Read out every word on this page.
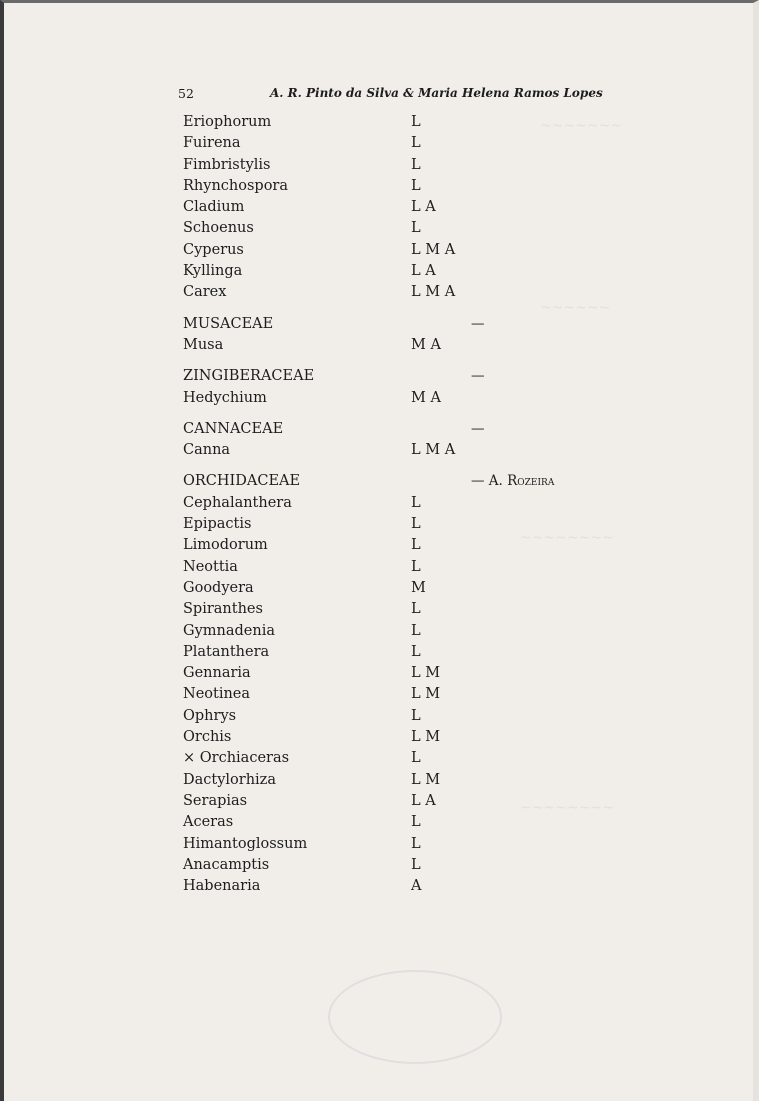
~~~~~~~
~~~~~~
~~~~~~~~
~~~~~~~~
52	A. R. Pinto da Silva & Maria Helena Ramos Lopes
Eriophorum	L
Fuirena	L
Fimbristylis	L
Rhynchospora	L
Cladium	L A
Schoenus	L
Cyperus	L M A
Kyllinga	L A
Carex	L M A
MUSACEAE	—
Musa	M A
ZINGIBERACEAE	—
Hedychium	M A
CANNACEAE	—
Canna	L M A
ORCHIDACEAE	— A. Rozeira
Cephalanthera	L
Epipactis	L
Limodorum	L
Neottia	L
Goodyera	M
Spiranthes	L
Gymnadenia	L
Platanthera	L
Gennaria	L M
Neotinea	L M
Ophrys	L
Orchis	L M
× Orchiaceras	L
Dactylorhiza	L M
Serapias	L A
Aceras	L
Himantoglossum	L
Anacamptis	L
Habenaria	A
